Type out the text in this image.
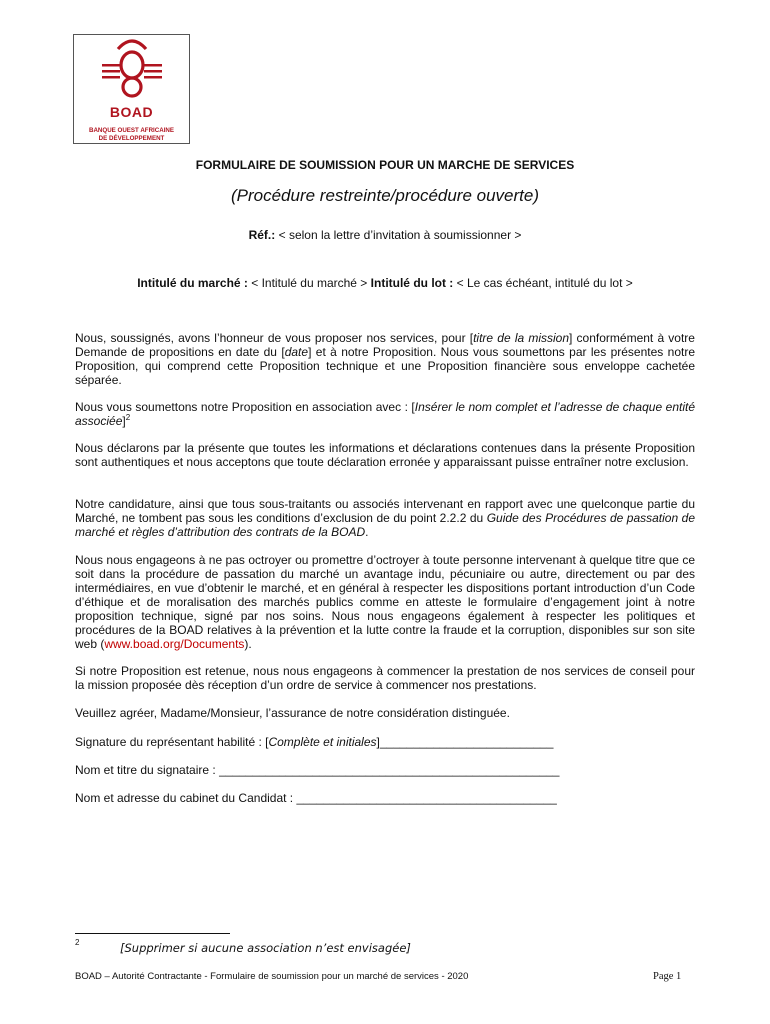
BOAD
BANQUE OUEST AFRICAINE
DE DÉVELOPPEMENT
FORMULAIRE DE SOUMISSION POUR UN MARCHE DE SERVICES
(Procédure restreinte/procédure ouverte)
Réf.: < selon la lettre d’invitation à soumissionner >
Intitulé du marché : < Intitulé du marché > Intitulé du lot : < Le cas échéant, intitulé du lot >
Nous, soussignés, avons l’honneur de vous proposer nos services, pour [titre de la mission] conformément à votre Demande de propositions en date du [date] et à notre Proposition. Nous vous soumettons par les présentes notre Proposition, qui comprend cette Proposition technique et une Proposition financière sous enveloppe cachetée séparée.
Nous vous soumettons notre Proposition en association avec : [Insérer le nom complet et l’adresse de chaque entité associée]$^2$
Nous déclarons par la présente que toutes les informations et déclarations contenues dans la présente Proposition sont authentiques et nous acceptons que toute déclaration erronée y apparaissant puisse entraîner notre exclusion.
Notre candidature, ainsi que tous sous-traitants ou associés intervenant en rapport avec une quelconque partie du Marché, ne tombent pas sous les conditions d’exclusion de du point 2.2.2 du Guide des Procédures de passation de marché et règles d’attribution des contrats de la BOAD.
Nous nous engageons à ne pas octroyer ou promettre d’octroyer à toute personne intervenant à quelque titre que ce soit dans la procédure de passation du marché un avantage indu, pécuniaire ou autre, directement ou par des intermédiaires, en vue d’obtenir le marché, et en général à respecter les dispositions portant introduction d’un Code d’éthique et de moralisation des marchés publics comme en atteste le formulaire d’engagement joint à notre proposition technique, signé par nos soins. Nous nous engageons également à respecter les politiques et procédures de la BOAD relatives à la prévention et la lutte contre la fraude et la corruption, disponibles sur son site web (www.boad.org/Documents).
Si notre Proposition est retenue, nous nous engageons à commencer la prestation de nos services de conseil pour la mission proposée dès réception d’un ordre de service à commencer nos prestations.
Veuillez agréer, Madame/Monsieur, l’assurance de notre considération distinguée.
Signature du représentant habilité : [Complète et initiales]__________________________
Nom et titre du signataire : ___________________________________________________
Nom et adresse du cabinet du Candidat : _______________________________________
2	[Supprimer si aucune association n’est envisagée]
BOAD – Autorité Contractante - Formulaire de soumission pour un marché de services - 2020	Page 1
